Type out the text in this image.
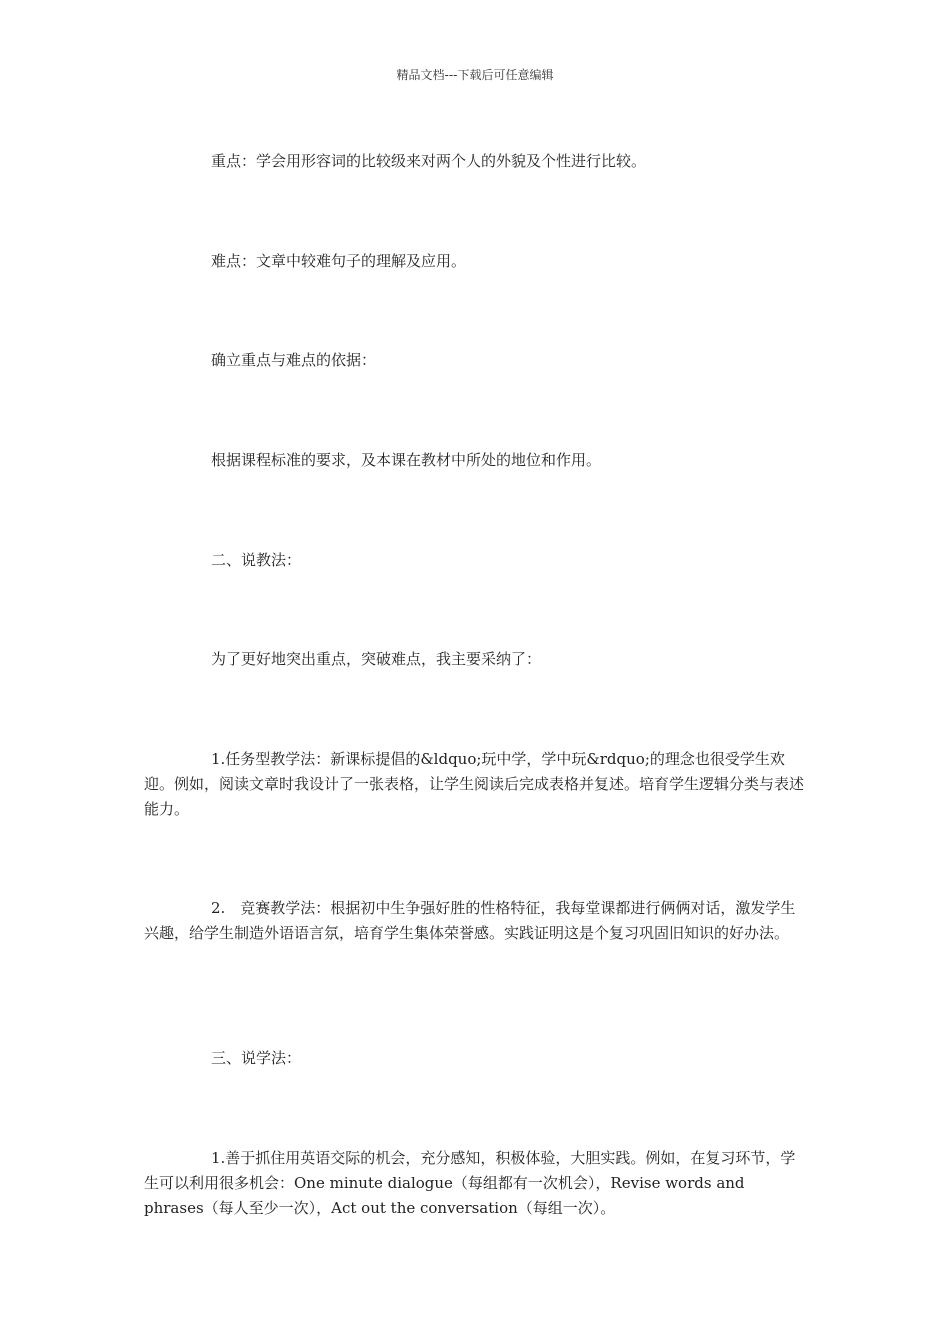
精品文档---下载后可任意编辑

重点：学会用形容词的比较级来对两个人的外貌及个性进行比较。

难点：文章中较难句子的理解及应用。

确立重点与难点的依据：

根据课程标准的要求，及本课在教材中所处的地位和作用。

二、说教法：

为了更好地突出重点，突破难点，我主要采纳了：

1.任务型教学法：新课标提倡的&ldquo;玩中学，学中玩&rdquo;的理念也很受学生欢迎。例如，阅读文章时我设计了一张表格，让学生阅读后完成表格并复述。培育学生逻辑分类与表述能力。

2.　竞赛教学法：根据初中生争强好胜的性格特征，我每堂课都进行俩俩对话，激发学生兴趣，给学生制造外语语言氛，培育学生集体荣誉感。实践证明这是个复习巩固旧知识的好办法。

三、说学法：

1.善于抓住用英语交际的机会，充分感知，积极体验，大胆实践。例如，在复习环节，学生可以利用很多机会：One minute dialogue（每组都有一次机会），Revise words and phrases（每人至少一次），Act out the conversation（每组一次）。
